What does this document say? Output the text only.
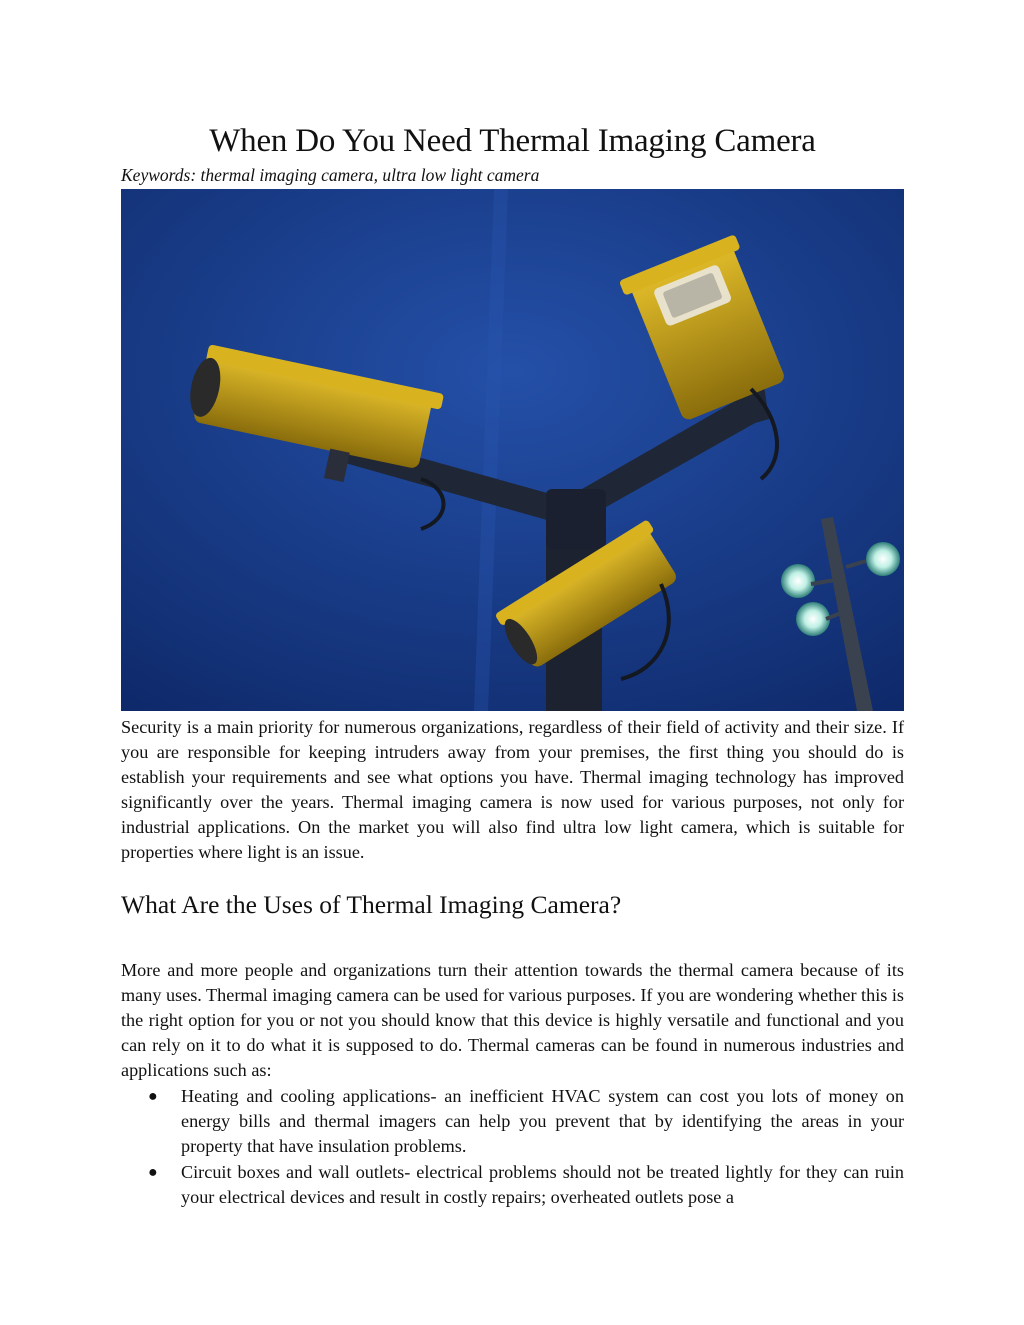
When Do You Need Thermal Imaging Camera
Keywords: thermal imaging camera, ultra low light camera

Security is a main priority for numerous organizations, regardless of their field of activity and their size. If you are responsible for keeping intruders away from your premises, the first thing you should do is establish your requirements and see what options you have. Thermal imaging technology has improved significantly over the years. Thermal imaging camera is now used for various purposes, not only for industrial applications. On the market you will also find ultra low light camera, which is suitable for properties where light is an issue.

What Are the Uses of Thermal Imaging Camera?

More and more people and organizations turn their attention towards the thermal camera because of its many uses. Thermal imaging camera can be used for various purposes. If you are wondering whether this is the right option for you or not you should know that this device is highly versatile and functional and you can rely on it to do what it is supposed to do. Thermal cameras can be found in numerous industries and applications such as:

● Heating and cooling applications- an inefficient HVAC system can cost you lots of money on energy bills and thermal imagers can help you prevent that by identifying the areas in your property that have insulation problems.
● Circuit boxes and wall outlets- electrical problems should not be treated lightly for they can ruin your electrical devices and result in costly repairs; overheated outlets pose a
